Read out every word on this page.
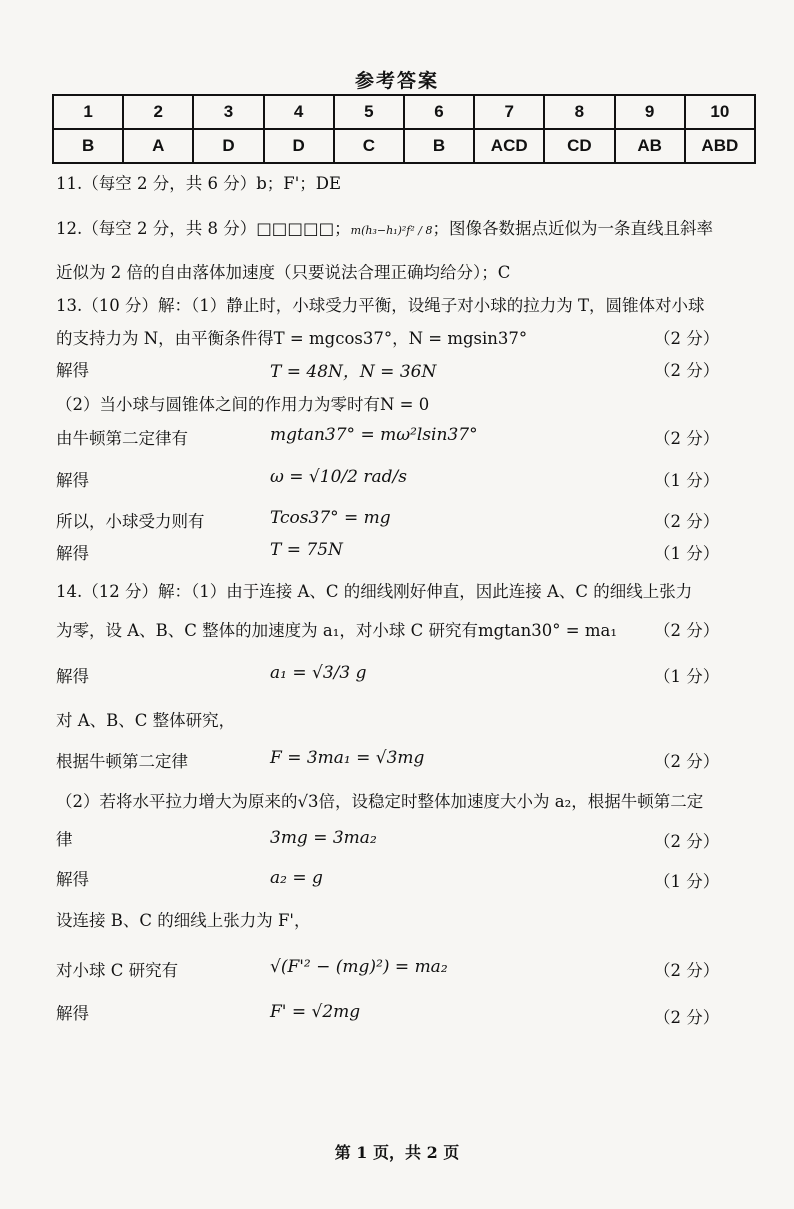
参考答案
1	2	3	4	5	6	7	8	9	10
B	A	D	D	C	B	ACD	CD	AB	ABD
11.（每空 2 分，共 6 分）b；F'；DE
12.（每空 2 分，共 8 分）□□□□□；m(h₃−h₁)²f² / 8；图像各数据点近似为一条直线且斜率
近似为 2 倍的自由落体加速度（只要说法合理正确均给分）；C
13.（10 分）解：（1）静止时，小球受力平衡，设绳子对小球的拉力为 T，圆锥体对小球
的支持力为 N，由平衡条件得T = mgcos37°，N = mgsin37°	（2 分）
解得	T = 48N，N = 36N	（2 分）
（2）当小球与圆锥体之间的作用力为零时有N = 0
由牛顿第二定律有	mgtan37° = mω²lsin37°	（2 分）
解得	ω = √10/2 rad/s	（1 分）
所以，小球受力则有	Tcos37° = mg	（2 分）
解得	T = 75N	（1 分）
14.（12 分）解：（1）由于连接 A、C 的细线刚好伸直，因此连接 A、C 的细线上张力
为零，设 A、B、C 整体的加速度为 a₁，对小球 C 研究有mgtan30° = ma₁	（2 分）
解得	a₁ = √3/3 g	（1 分）
对 A、B、C 整体研究，
根据牛顿第二定律	F = 3ma₁ = √3mg	（2 分）
（2）若将水平拉力增大为原来的√3倍，设稳定时整体加速度大小为 a₂，根据牛顿第二定
律	3mg = 3ma₂	（2 分）
解得	a₂ = g	（1 分）
设连接 B、C 的细线上张力为 F'，
对小球 C 研究有	√(F'² − (mg)²) = ma₂	（2 分）
解得	F' = √2mg	（2 分）
第 1 页，共 2 页
